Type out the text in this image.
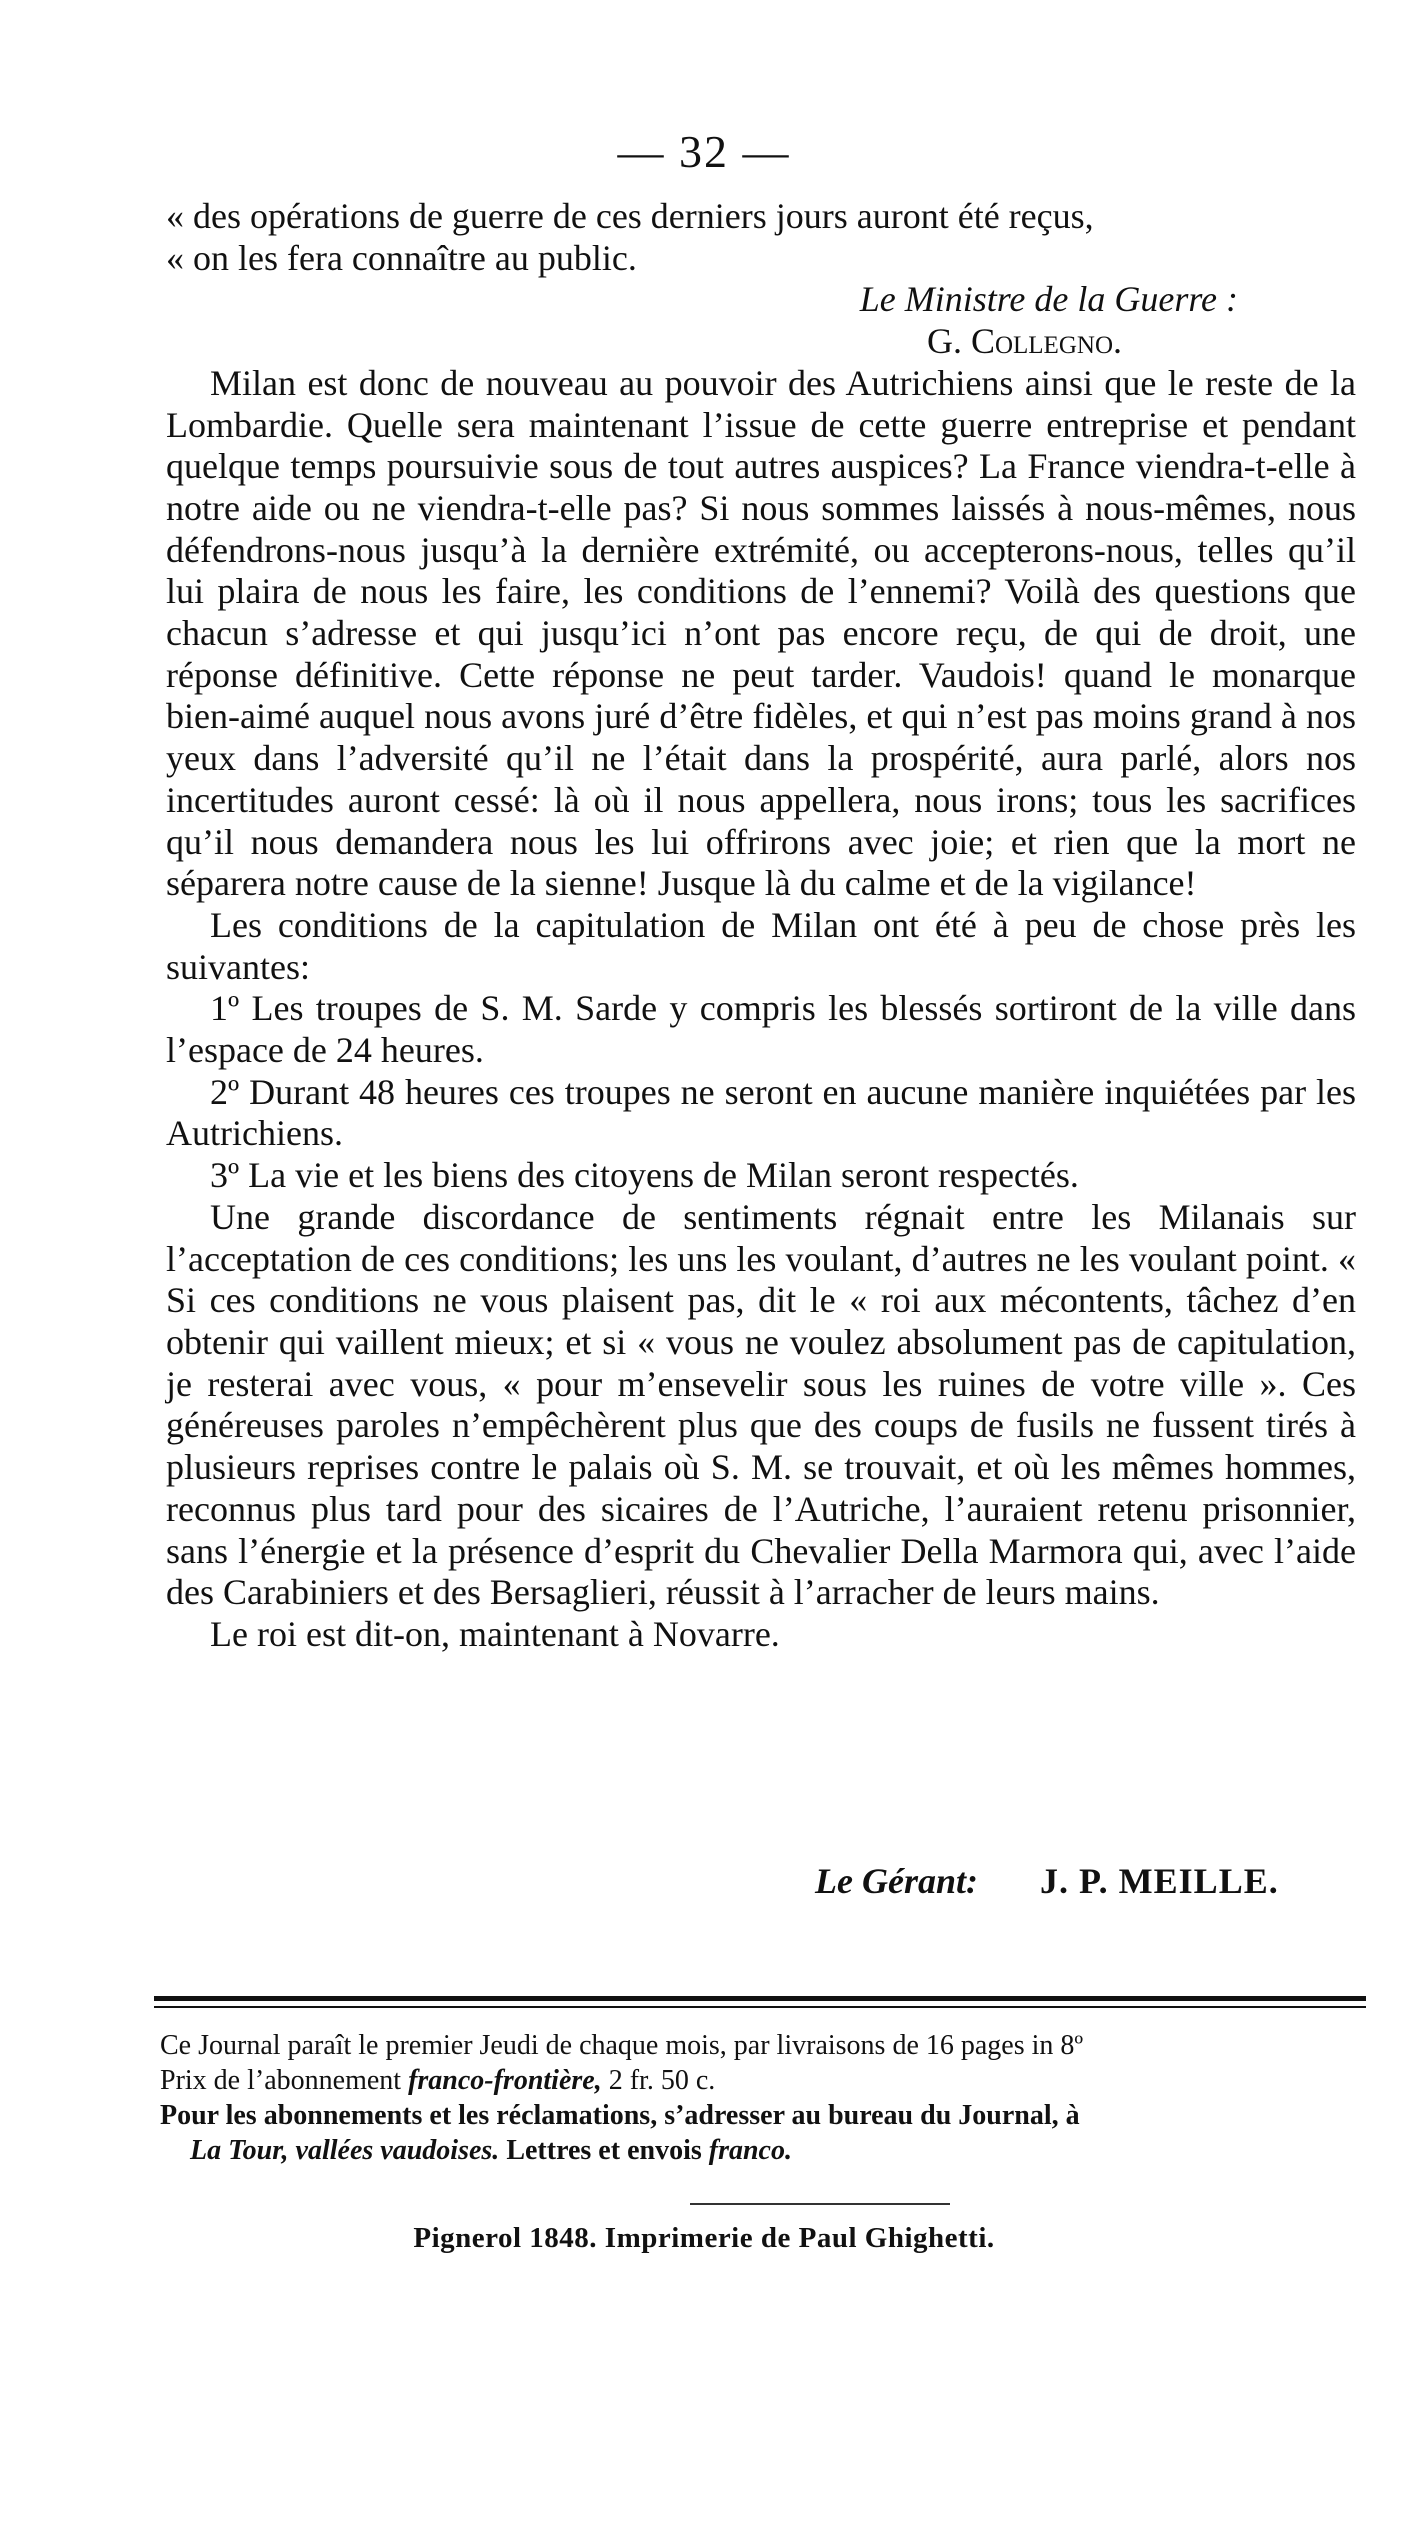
— 32 —

« des opérations de guerre de ces derniers jours auront été reçus,

« on les fera connaître au public.

Le Ministre de la Guerre :

G. Collegno.

Milan est donc de nouveau au pouvoir des Autrichiens ainsi que le reste de la Lombardie. Quelle sera maintenant l’issue de cette guerre entreprise et pendant quelque temps poursuivie sous de tout autres auspices? La France viendra-t-elle à notre aide ou ne viendra-t-elle pas? Si nous sommes laissés à nous-mêmes, nous défendrons-nous jusqu’à la dernière extrémité, ou accepterons-nous, telles qu’il lui plaira de nous les faire, les conditions de l’ennemi? Voilà des questions que chacun s’adresse et qui jusqu’ici n’ont pas encore reçu, de qui de droit, une réponse définitive. Cette réponse ne peut tarder. Vaudois! quand le monarque bien-aimé auquel nous avons juré d’être fidèles, et qui n’est pas moins grand à nos yeux dans l’adversité qu’il ne l’était dans la prospérité, aura parlé, alors nos incertitudes auront cessé: là où il nous appellera, nous irons; tous les sacrifices qu’il nous demandera nous les lui offrirons avec joie; et rien que la mort ne séparera notre cause de la sienne! Jusque là du calme et de la vigilance!

Les conditions de la capitulation de Milan ont été à peu de chose près les suivantes:

1º Les troupes de S. M. Sarde y compris les blessés sortiront de la ville dans l’espace de 24 heures.

2º Durant 48 heures ces troupes ne seront en aucune manière inquiétées par les Autrichiens.

3º La vie et les biens des citoyens de Milan seront respectés.

Une grande discordance de sentiments régnait entre les Milanais sur l’acceptation de ces conditions; les uns les voulant, d’autres ne les voulant point. « Si ces conditions ne vous plaisent pas, dit le « roi aux mécontents, tâchez d’en obtenir qui vaillent mieux; et si « vous ne voulez absolument pas de capitulation, je resterai avec vous, « pour m’ensevelir sous les ruines de votre ville ». Ces généreuses paroles n’empêchèrent plus que des coups de fusils ne fussent tirés à plusieurs reprises contre le palais où S. M. se trouvait, et où les mêmes hommes, reconnus plus tard pour des sicaires de l’Autriche, l’auraient retenu prisonnier, sans l’énergie et la présence d’esprit du Chevalier Della Marmora qui, avec l’aide des Carabiniers et des Bersaglieri, réussit à l’arracher de leurs mains.

Le roi est dit-on, maintenant à Novarre.

Le Gérant: J. P. MEILLE.

Ce Journal paraît le premier Jeudi de chaque mois, par livraisons de 16 pages in 8º

Prix de l’abonnement franco-frontière, 2 fr. 50 c.

Pour les abonnements et les réclamations, s’adresser au bureau du Journal, à

La Tour, vallées vaudoises. Lettres et envois franco.

Pignerol 1848. Imprimerie de Paul Ghighetti.
